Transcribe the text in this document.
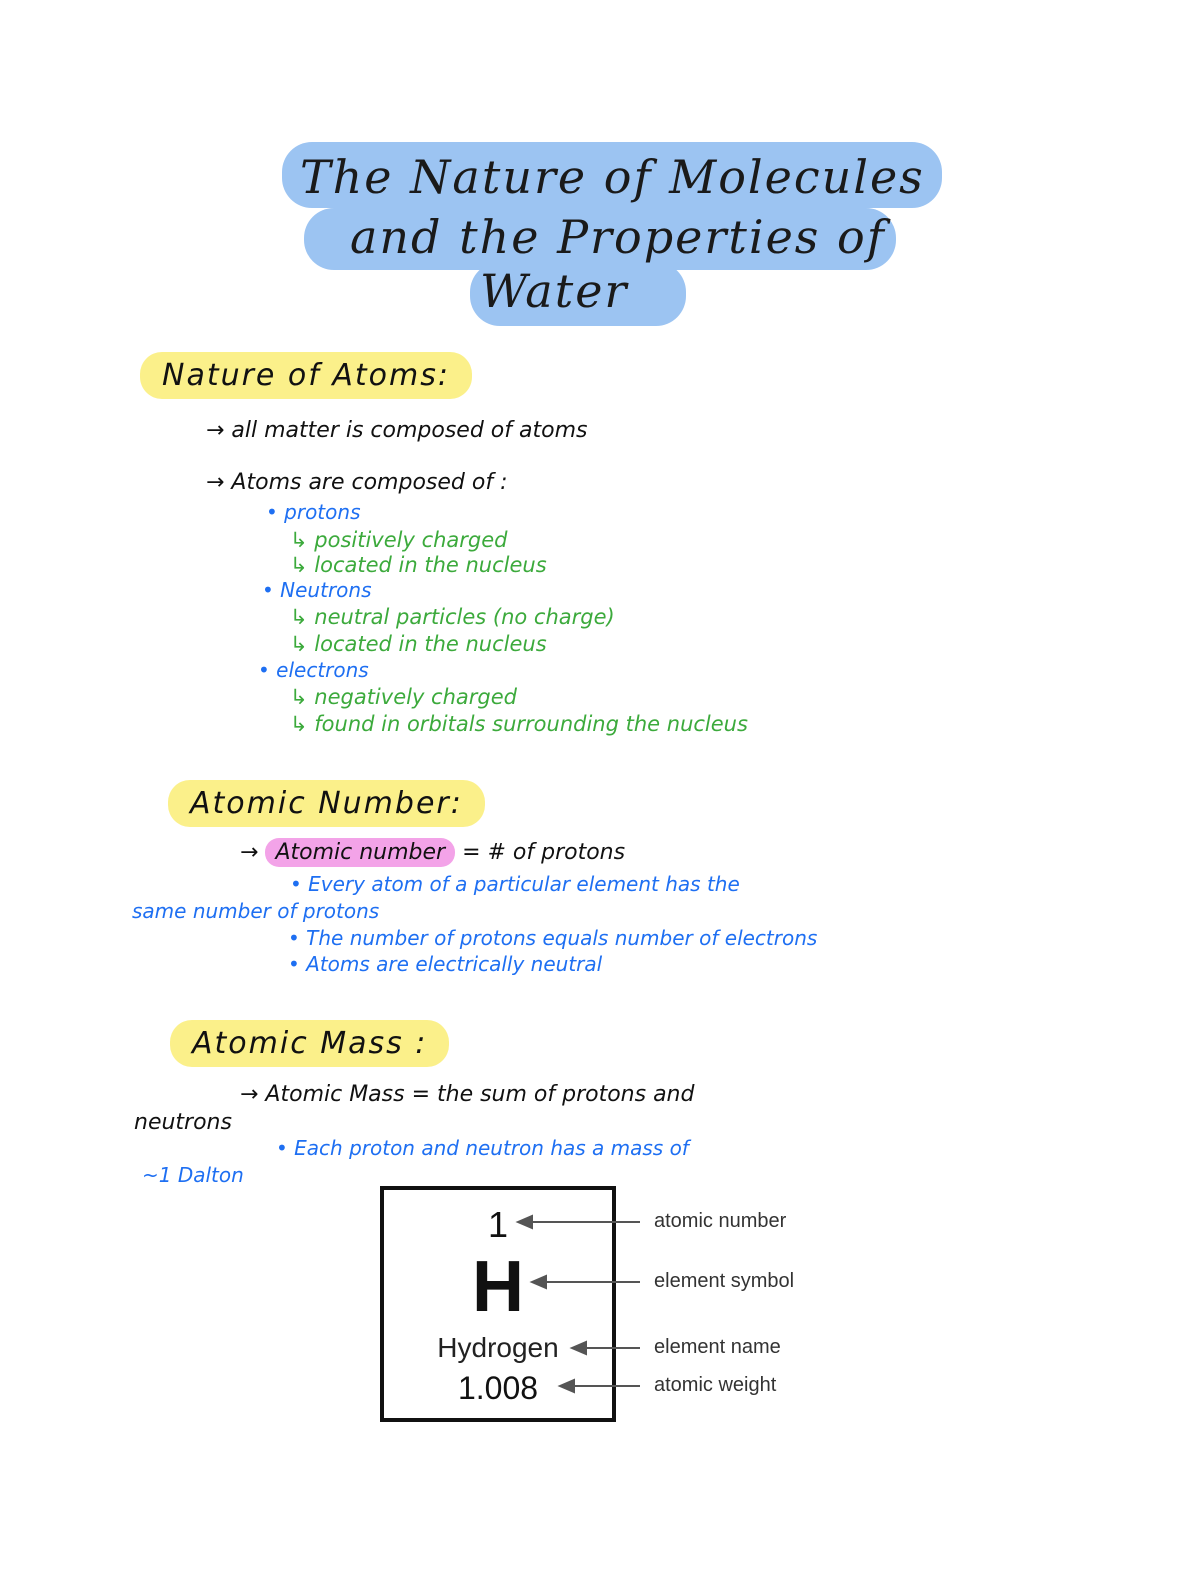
The Nature of Molecules
and the Properties of
Water
Nature of Atoms:
→ all matter is composed of atoms
→ Atoms are composed of :
• protons
↳ positively charged
↳ located in the nucleus
• Neutrons
↳ neutral particles (no charge)
↳ located in the nucleus
• electrons
↳ negatively charged
↳ found in orbitals surrounding the nucleus
Atomic Number:
→ Atomic number = # of protons
• Every atom of a particular element has the
same number of protons
• The number of protons equals number of electrons
• Atoms are electrically neutral
Atomic Mass :
→ Atomic Mass = the sum of protons and
neutrons
• Each proton and neutron has a mass of
~1 Dalton
1
H
Hydrogen
1.008
atomic number
element symbol
element name
atomic weight
